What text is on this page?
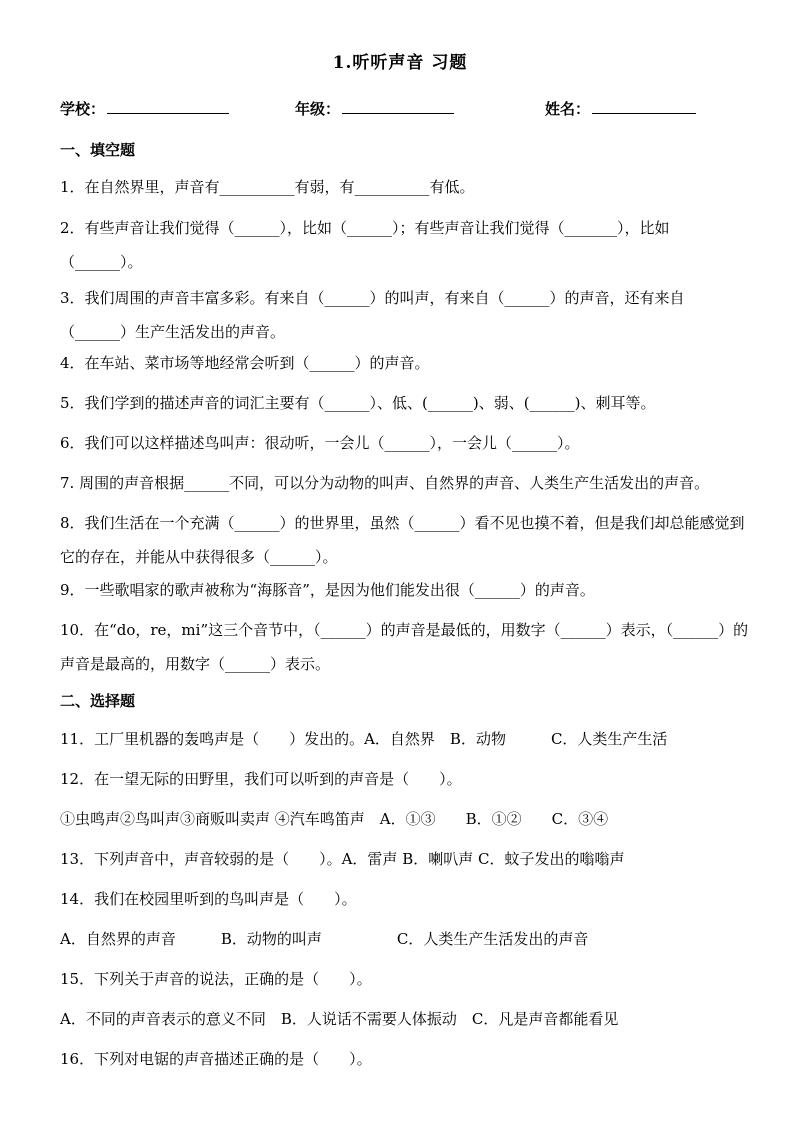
1.听听声音 习题
学校：	年级：	姓名：
一、填空题
1．在自然界里，声音有__________有弱，有__________有低。
2．有些声音让我们觉得（______），比如（______）；有些声音让我们觉得（_______），比如（______）。
3．我们周围的声音丰富多彩。有来自（______）的叫声，有来自（______）的声音，还有来自（______）生产生活发出的声音。
4．在车站、菜市场等地经常会听到（______）的声音。
5．我们学到的描述声音的词汇主要有（______）、低、(______)、弱、(______)、刺耳等。
6．我们可以这样描述鸟叫声：很动听，一会儿（______），一会儿（______）。
7. 周围的声音根据______不同，可以分为动物的叫声、自然界的声音、人类生产生活发出的声音。
8．我们生活在一个充满（______）的世界里，虽然（______）看不见也摸不着，但是我们却总能感觉到它的存在，并能从中获得很多（______）。
9．一些歌唱家的歌声被称为“海豚音”，是因为他们能发出很（______）的声音。
10．在“do，re，mi”这三个音节中，（______）的声音是最低的，用数字（______）表示，（______）的声音是最高的，用数字（______）表示。
二、选择题
11．工厂里机器的轰鸣声是（　　）发出的。A．自然界　B．动物　　　C．人类生产生活
12．在一望无际的田野里，我们可以听到的声音是（　　）。
①虫鸣声②鸟叫声③商贩叫卖声 ④汽车鸣笛声　A．①③　　B．①②　　C．③④
13．下列声音中，声音较弱的是（　　）。A．雷声 B．喇叭声 C．蚊子发出的嗡嗡声
14．我们在校园里听到的鸟叫声是（　　）。
A．自然界的声音　　　B．动物的叫声　　　　　C．人类生产生活发出的声音
15．下列关于声音的说法，正确的是（　　）。
A．不同的声音表示的意义不同　B．人说话不需要人体振动　C．凡是声音都能看见
16．下列对电锯的声音描述正确的是（　　）。
